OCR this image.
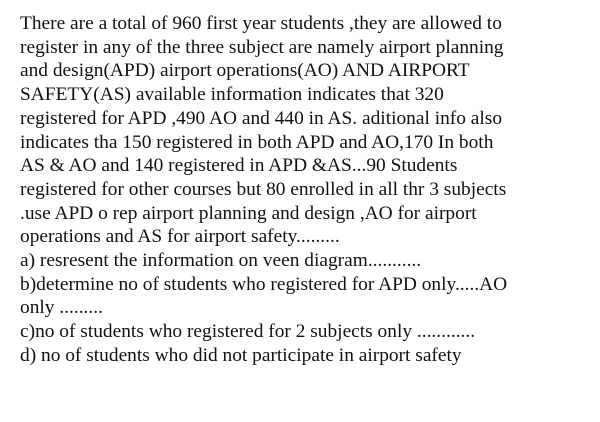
There are a total of 960 first year students ,they are allowed to
register in any of the three subject are namely airport planning
and design(APD) airport operations(AO) AND AIRPORT
SAFETY(AS) available information indicates that 320
registered for APD ,490 AO and 440 in AS. aditional info also
indicates tha 150 registered in both APD and AO,170 In both
AS & AO and 140 registered in APD &AS...90 Students
registered for other courses but 80 enrolled in all thr 3 subjects
.use APD o rep airport planning and design ,AO for airport
operations and AS for airport safety.........
a) resresent the information on veen diagram...........
b)determine no of students who registered for APD only.....AO
only .........
c)no of students who registered for 2 subjects only ............
d) no of students who did not participate in airport safety
